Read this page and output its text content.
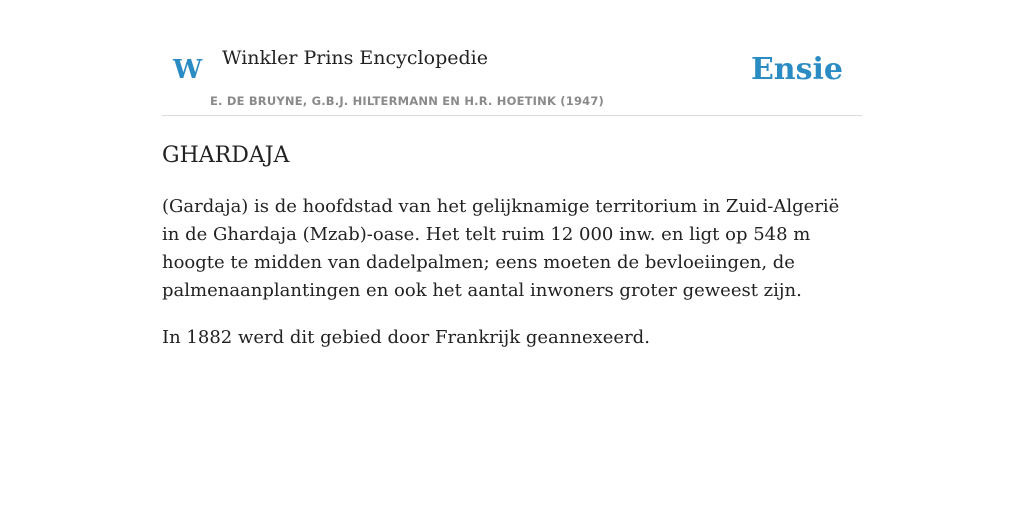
W Winkler Prins Encyclopedie
E. DE BRUYNE, G.B.J. HILTERMANN EN H.R. HOETINK (1947)
Ensie
GHARDAJA

(Gardaja) is de hoofdstad van het gelijknamige territorium in Zuid-Algerië in de Ghardaja (Mzab)-oase. Het telt ruim 12 000 inw. en ligt op 548 m hoogte te midden van dadelpalmen; eens moeten de bevloeiingen, de palmenaanplantingen en ook het aantal inwoners groter geweest zijn.

In 1882 werd dit gebied door Frankrijk geannexeerd.
